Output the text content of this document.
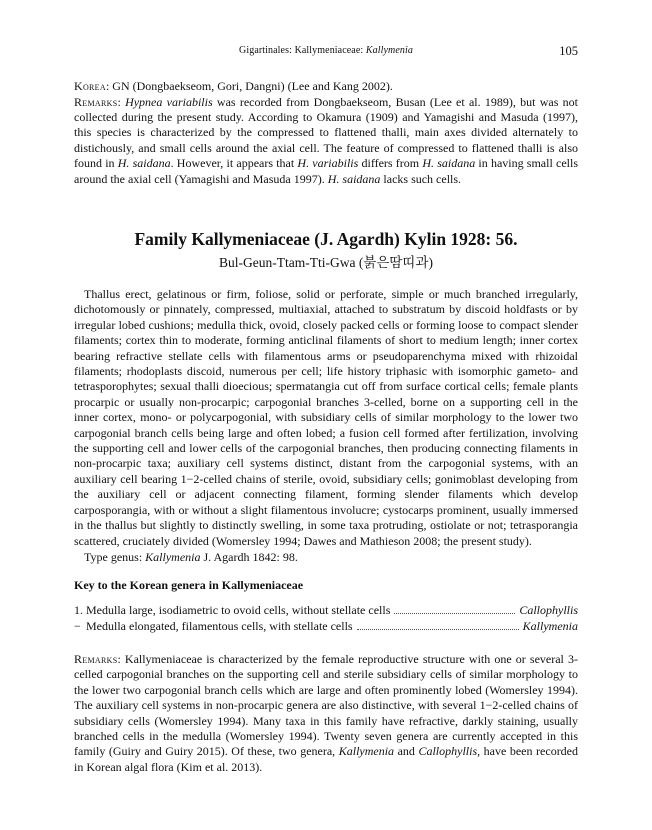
Gigartinales: Kallymeniaceae: Kallymenia	105
Korea: GN (Dongbaekseom, Gori, Dangni) (Lee and Kang 2002).
Remarks: Hypnea variabilis was recorded from Dongbaekseom, Busan (Lee et al. 1989), but was not collected during the present study. According to Okamura (1909) and Yamagishi and Masuda (1997), this species is characterized by the compressed to flattened thalli, main axes divided alternately to distichously, and small cells around the axial cell. The feature of compressed to flattened thalli is also found in H. saidana. However, it appears that H. variabilis differs from H. saidana in having small cells around the axial cell (Yamagishi and Masuda 1997). H. saidana lacks such cells.
Family Kallymeniaceae (J. Agardh) Kylin 1928: 56.
Bul-Geun-Ttam-Tti-Gwa (붉은땀띠과)
Thallus erect, gelatinous or firm, foliose, solid or perforate, simple or much branched irregularly, dichotomously or pinnately, compressed, multiaxial, attached to substratum by discoid holdfasts or by irregular lobed cushions; medulla thick, ovoid, closely packed cells or forming loose to compact slender filaments; cortex thin to moderate, forming anticlinal filaments of short to medium length; inner cortex bearing refractive stellate cells with filamentous arms or pseudoparenchyma mixed with rhizoidal filaments; rhodoplasts discoid, numerous per cell; life history triphasic with isomorphic gameto- and tetrasporophytes; sexual thalli dioecious; spermatangia cut off from surface cortical cells; female plants procarpic or usually non-procarpic; carpogonial branches 3-celled, borne on a supporting cell in the inner cortex, mono- or polycarpogonial, with subsidiary cells of similar morphology to the lower two carpogonial branch cells being large and often lobed; a fusion cell formed after fertilization, involving the supporting cell and lower cells of the carpogonial branches, then producing connecting filaments in non-procarpic taxa; auxiliary cell systems distinct, distant from the carpogonial systems, with an auxiliary cell bearing 1−2-celled chains of sterile, ovoid, subsidiary cells; gonimoblast developing from the auxiliary cell or adjacent connecting filament, forming slender filaments which develop carposporangia, with or without a slight filamentous involucre; cystocarps prominent, usually immersed in the thallus but slightly to distinctly swelling, in some taxa protruding, ostiolate or not; tetrasporangia scattered, cruciately divided (Womersley 1994; Dawes and Mathieson 2008; the present study).
Type genus: Kallymenia J. Agardh 1842: 98.
Key to the Korean genera in Kallymeniaceae
1. Medulla large, isodiametric to ovoid cells, without stellate cells	Callophyllis
− Medulla elongated, filamentous cells, with stellate cells	Kallymenia
Remarks: Kallymeniaceae is characterized by the female reproductive structure with one or several 3-celled carpogonial branches on the supporting cell and sterile subsidiary cells of similar morphology to the lower two carpogonial branch cells which are large and often prominently lobed (Womersley 1994). The auxiliary cell systems in non-procarpic genera are also distinctive, with several 1−2-celled chains of subsidiary cells (Womersley 1994). Many taxa in this family have refractive, darkly staining, usually branched cells in the medulla (Womersley 1994). Twenty seven genera are currently accepted in this family (Guiry and Guiry 2015). Of these, two genera, Kallymenia and Callophyllis, have been recorded in Korean algal flora (Kim et al. 2013).
